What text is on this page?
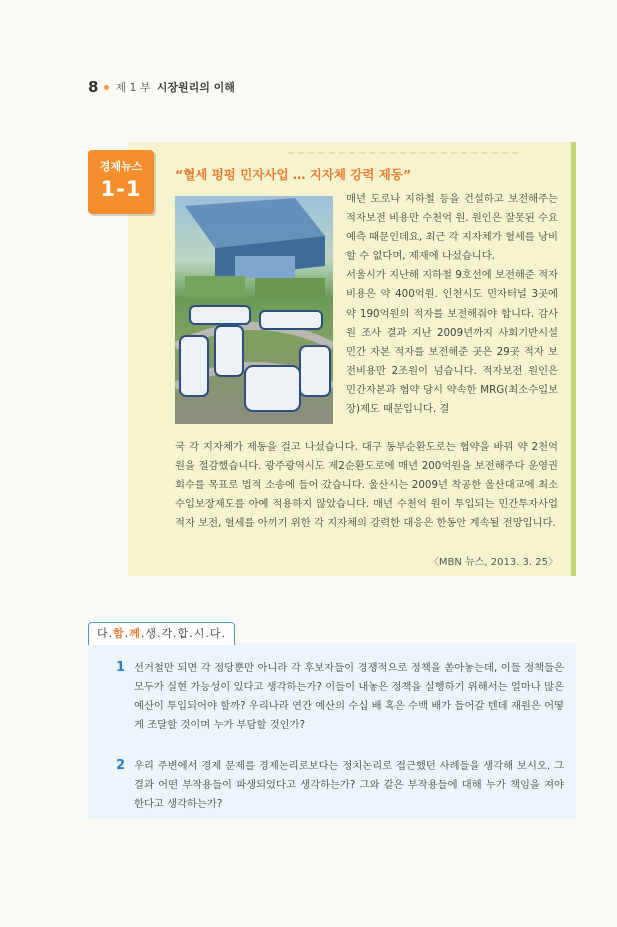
8 제 1 부 시장원리의 이해
경제뉴스
1-1
“혈세 펑펑 민자사업 … 지자체 강력 제동”
매년 도로나 지하철 등을 건설하고 보전해주는 적자보전 비용만 수천억 원. 원인은 잘못된 수요예측 때문인데요, 최근 각 지자체가 혈세를 낭비할 수 없다며, 제재에 나섰습니다.
서울시가 지난해 지하철 9호선에 보전해준 적자비용은 약 400억원. 인천시도 민자터널 3곳에 약 190억원의 적자를 보전해줘야 합니다. 감사원 조사 결과 지난 2009년까지 사회기반시설 민간 자본 적자를 보전해준 곳은 29곳 적자 보전비용만 2조원이 넘습니다. 적자보전 원인은 민간자본과 협약 당시 약속한 MRG(최소수입보장)제도 때문입니다. 결
국 각 지자체가 제동을 걸고 나섰습니다. 대구 동부순환도로는 협약을 바꿔 약 2천억원을 절감했습니다. 광주광역시도 제2순환도로에 매년 200억원을 보전해주다 운영권 회수를 목표로 법적 소송에 들어 갔습니다. 울산시는 2009년 착공한 울산대교에 최소 수입보장제도를 아예 적용하지 않았습니다. 매년 수천억 원이 투입되는 민간투자사업 적자 보전, 혈세를 아끼기 위한 각 지자체의 강력한 대응은 한동안 계속될 전망입니다.
〈MBN 뉴스, 2013. 3. 25〉
다.함.께.생.각.합.시.다.
1 선거철만 되면 각 정당뿐만 아니라 각 후보자들이 경쟁적으로 정책을 쏟아놓는데, 이들 정책들은 모두가 실현 가능성이 있다고 생각하는가? 이들이 내놓은 정책을 실행하기 위해서는 얼마나 많은 예산이 투입되어야 할까? 우리나라 연간 예산의 수십 배 혹은 수백 배가 들어갈 텐데 재원은 어떻게 조달할 것이며 누가 부담할 것인가?
2 우리 주변에서 경제 문제를 경제논리로보다는 정치논리로 접근했던 사례들을 생각해 보시오. 그 결과 어떤 부작용들이 파생되었다고 생각하는가? 그와 같은 부작용들에 대해 누가 책임을 져야 한다고 생각하는가?
